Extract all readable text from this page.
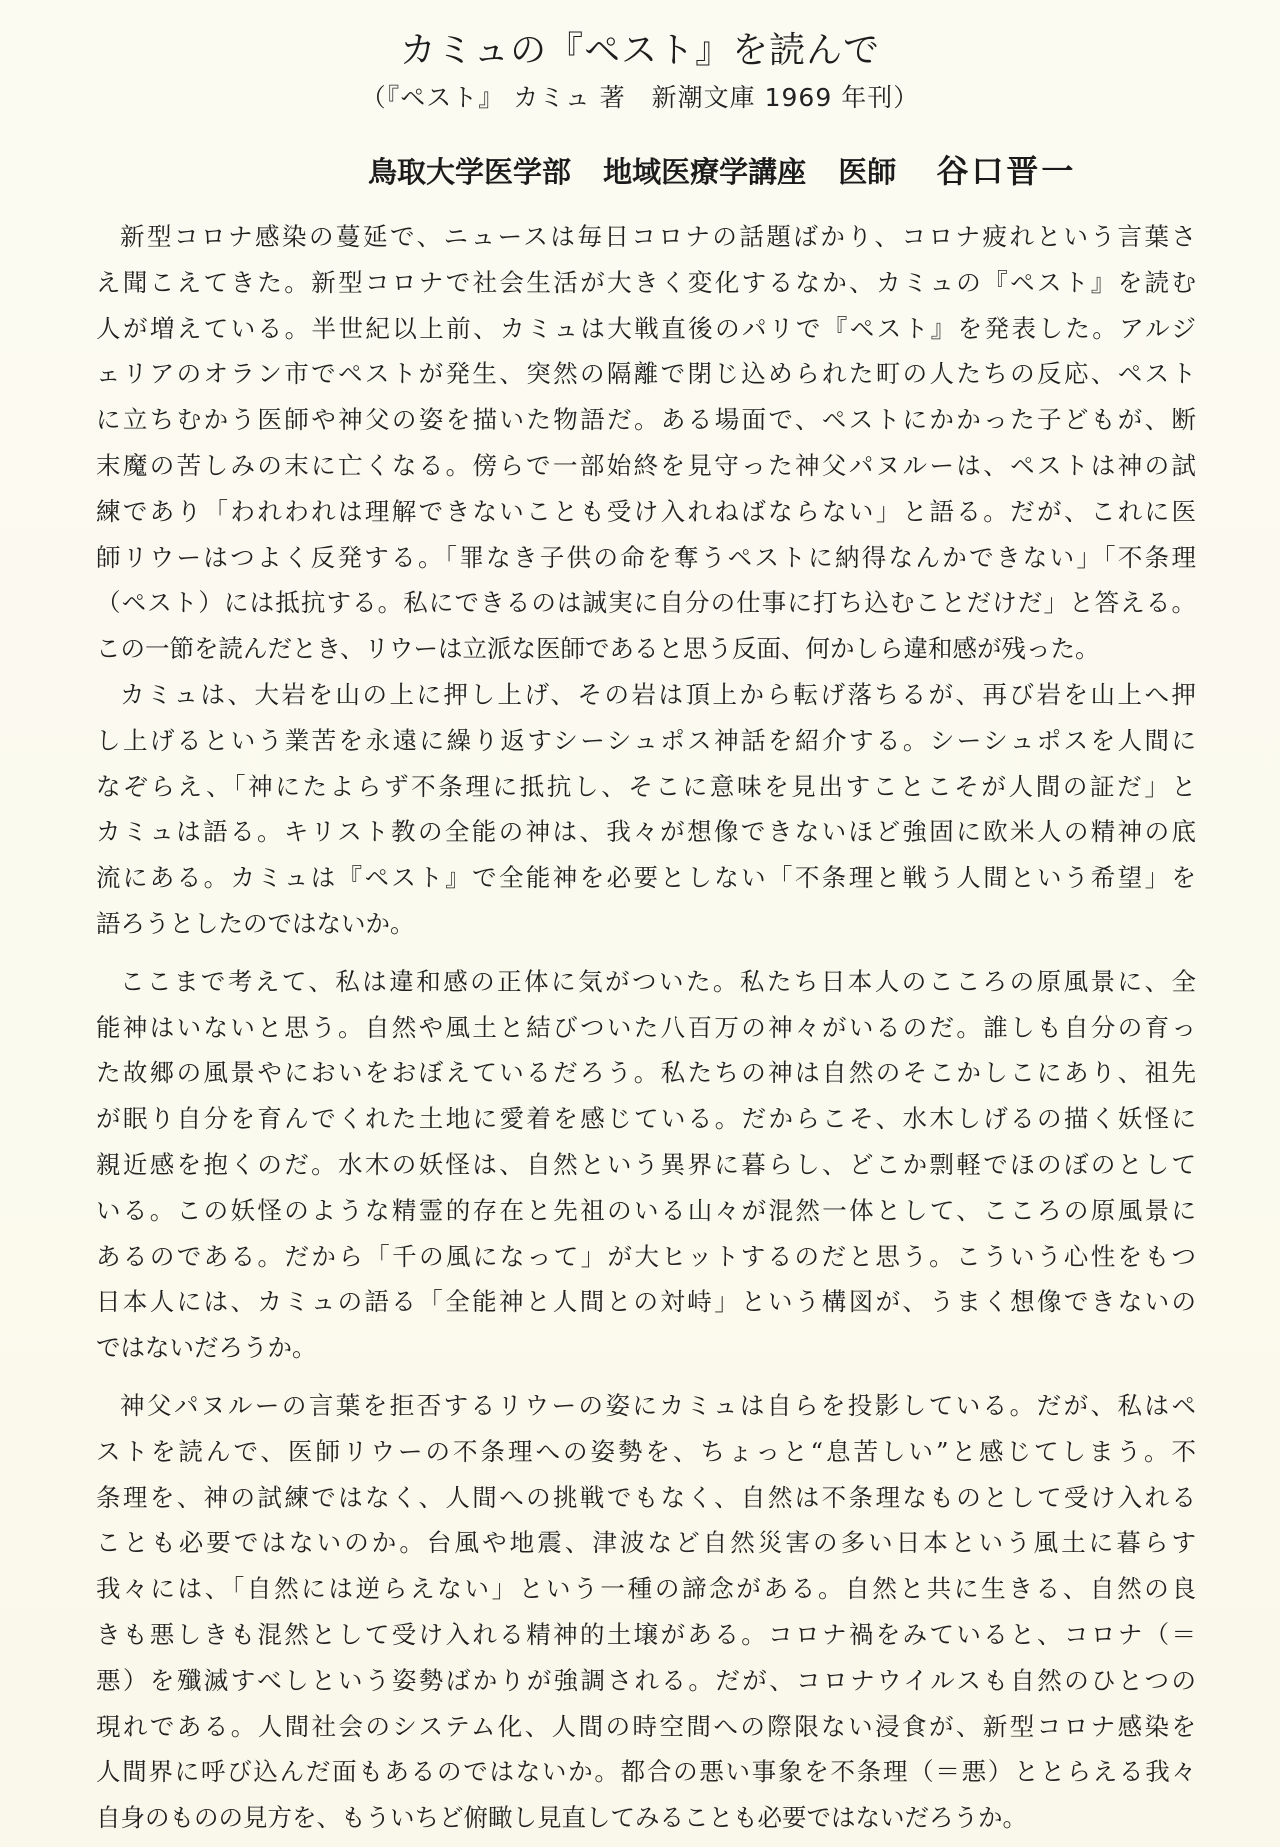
カミュの『ペスト』を読んで
（『ペスト』 カミュ 著　新潮文庫 1969 年刊）
鳥取大学医学部 地域医療学講座 医師 谷口晋一
新型コロナ感染の蔓延で、ニュースは毎日コロナの話題ばかり、コロナ疲れという言葉さ
え聞こえてきた。新型コロナで社会生活が大きく変化するなか、カミュの『ペスト』を読む
人が増えている。半世紀以上前、カミュは大戦直後のパリで『ペスト』を発表した。アルジ
ェリアのオラン市でペストが発生、突然の隔離で閉じ込められた町の人たちの反応、ペスト
に立ちむかう医師や神父の姿を描いた物語だ。ある場面で、ペストにかかった子どもが、断
末魔の苦しみの末に亡くなる。傍らで一部始終を見守った神父パヌルーは、ペストは神の試
練であり「われわれは理解できないことも受け入れねばならない」と語る。だが、これに医
師リウーはつよく反発する。「罪なき子供の命を奪うペストに納得なんかできない」「不条理
（ペスト）には抵抗する。私にできるのは誠実に自分の仕事に打ち込むことだけだ」と答える。
この一節を読んだとき、リウーは立派な医師であると思う反面、何かしら違和感が残った。
カミュは、大岩を山の上に押し上げ、その岩は頂上から転げ落ちるが、再び岩を山上へ押
し上げるという業苦を永遠に繰り返すシーシュポス神話を紹介する。シーシュポスを人間に
なぞらえ、「神にたよらず不条理に抵抗し、そこに意味を見出すことこそが人間の証だ」と
カミュは語る。キリスト教の全能の神は、我々が想像できないほど強固に欧米人の精神の底
流にある。カミュは『ペスト』で全能神を必要としない「不条理と戦う人間という希望」を
語ろうとしたのではないか。
ここまで考えて、私は違和感の正体に気がついた。私たち日本人のこころの原風景に、全
能神はいないと思う。自然や風土と結びついた八百万の神々がいるのだ。誰しも自分の育っ
た故郷の風景やにおいをおぼえているだろう。私たちの神は自然のそこかしこにあり、祖先
が眠り自分を育んでくれた土地に愛着を感じている。だからこそ、水木しげるの描く妖怪に
親近感を抱くのだ。水木の妖怪は、自然という異界に暮らし、どこか剽軽でほのぼのとして
いる。この妖怪のような精霊的存在と先祖のいる山々が混然一体として、こころの原風景に
あるのである。だから「千の風になって」が大ヒットするのだと思う。こういう心性をもつ
日本人には、カミュの語る「全能神と人間との対峙」という構図が、うまく想像できないの
ではないだろうか。
神父パヌルーの言葉を拒否するリウーの姿にカミュは自らを投影している。だが、私はペ
ストを読んで、医師リウーの不条理への姿勢を、ちょっと“息苦しい”と感じてしまう。不
条理を、神の試練ではなく、人間への挑戦でもなく、自然は不条理なものとして受け入れる
ことも必要ではないのか。台風や地震、津波など自然災害の多い日本という風土に暮らす
我々には、「自然には逆らえない」という一種の諦念がある。自然と共に生きる、自然の良
きも悪しきも混然として受け入れる精神的土壌がある。コロナ禍をみていると、コロナ（＝
悪）を殲滅すべしという姿勢ばかりが強調される。だが、コロナウイルスも自然のひとつの
現れである。人間社会のシステム化、人間の時空間への際限ない浸食が、新型コロナ感染を
人間界に呼び込んだ面もあるのではないか。都合の悪い事象を不条理（＝悪）ととらえる我々
自身のものの見方を、もういちど俯瞰し見直してみることも必要ではないだろうか。
